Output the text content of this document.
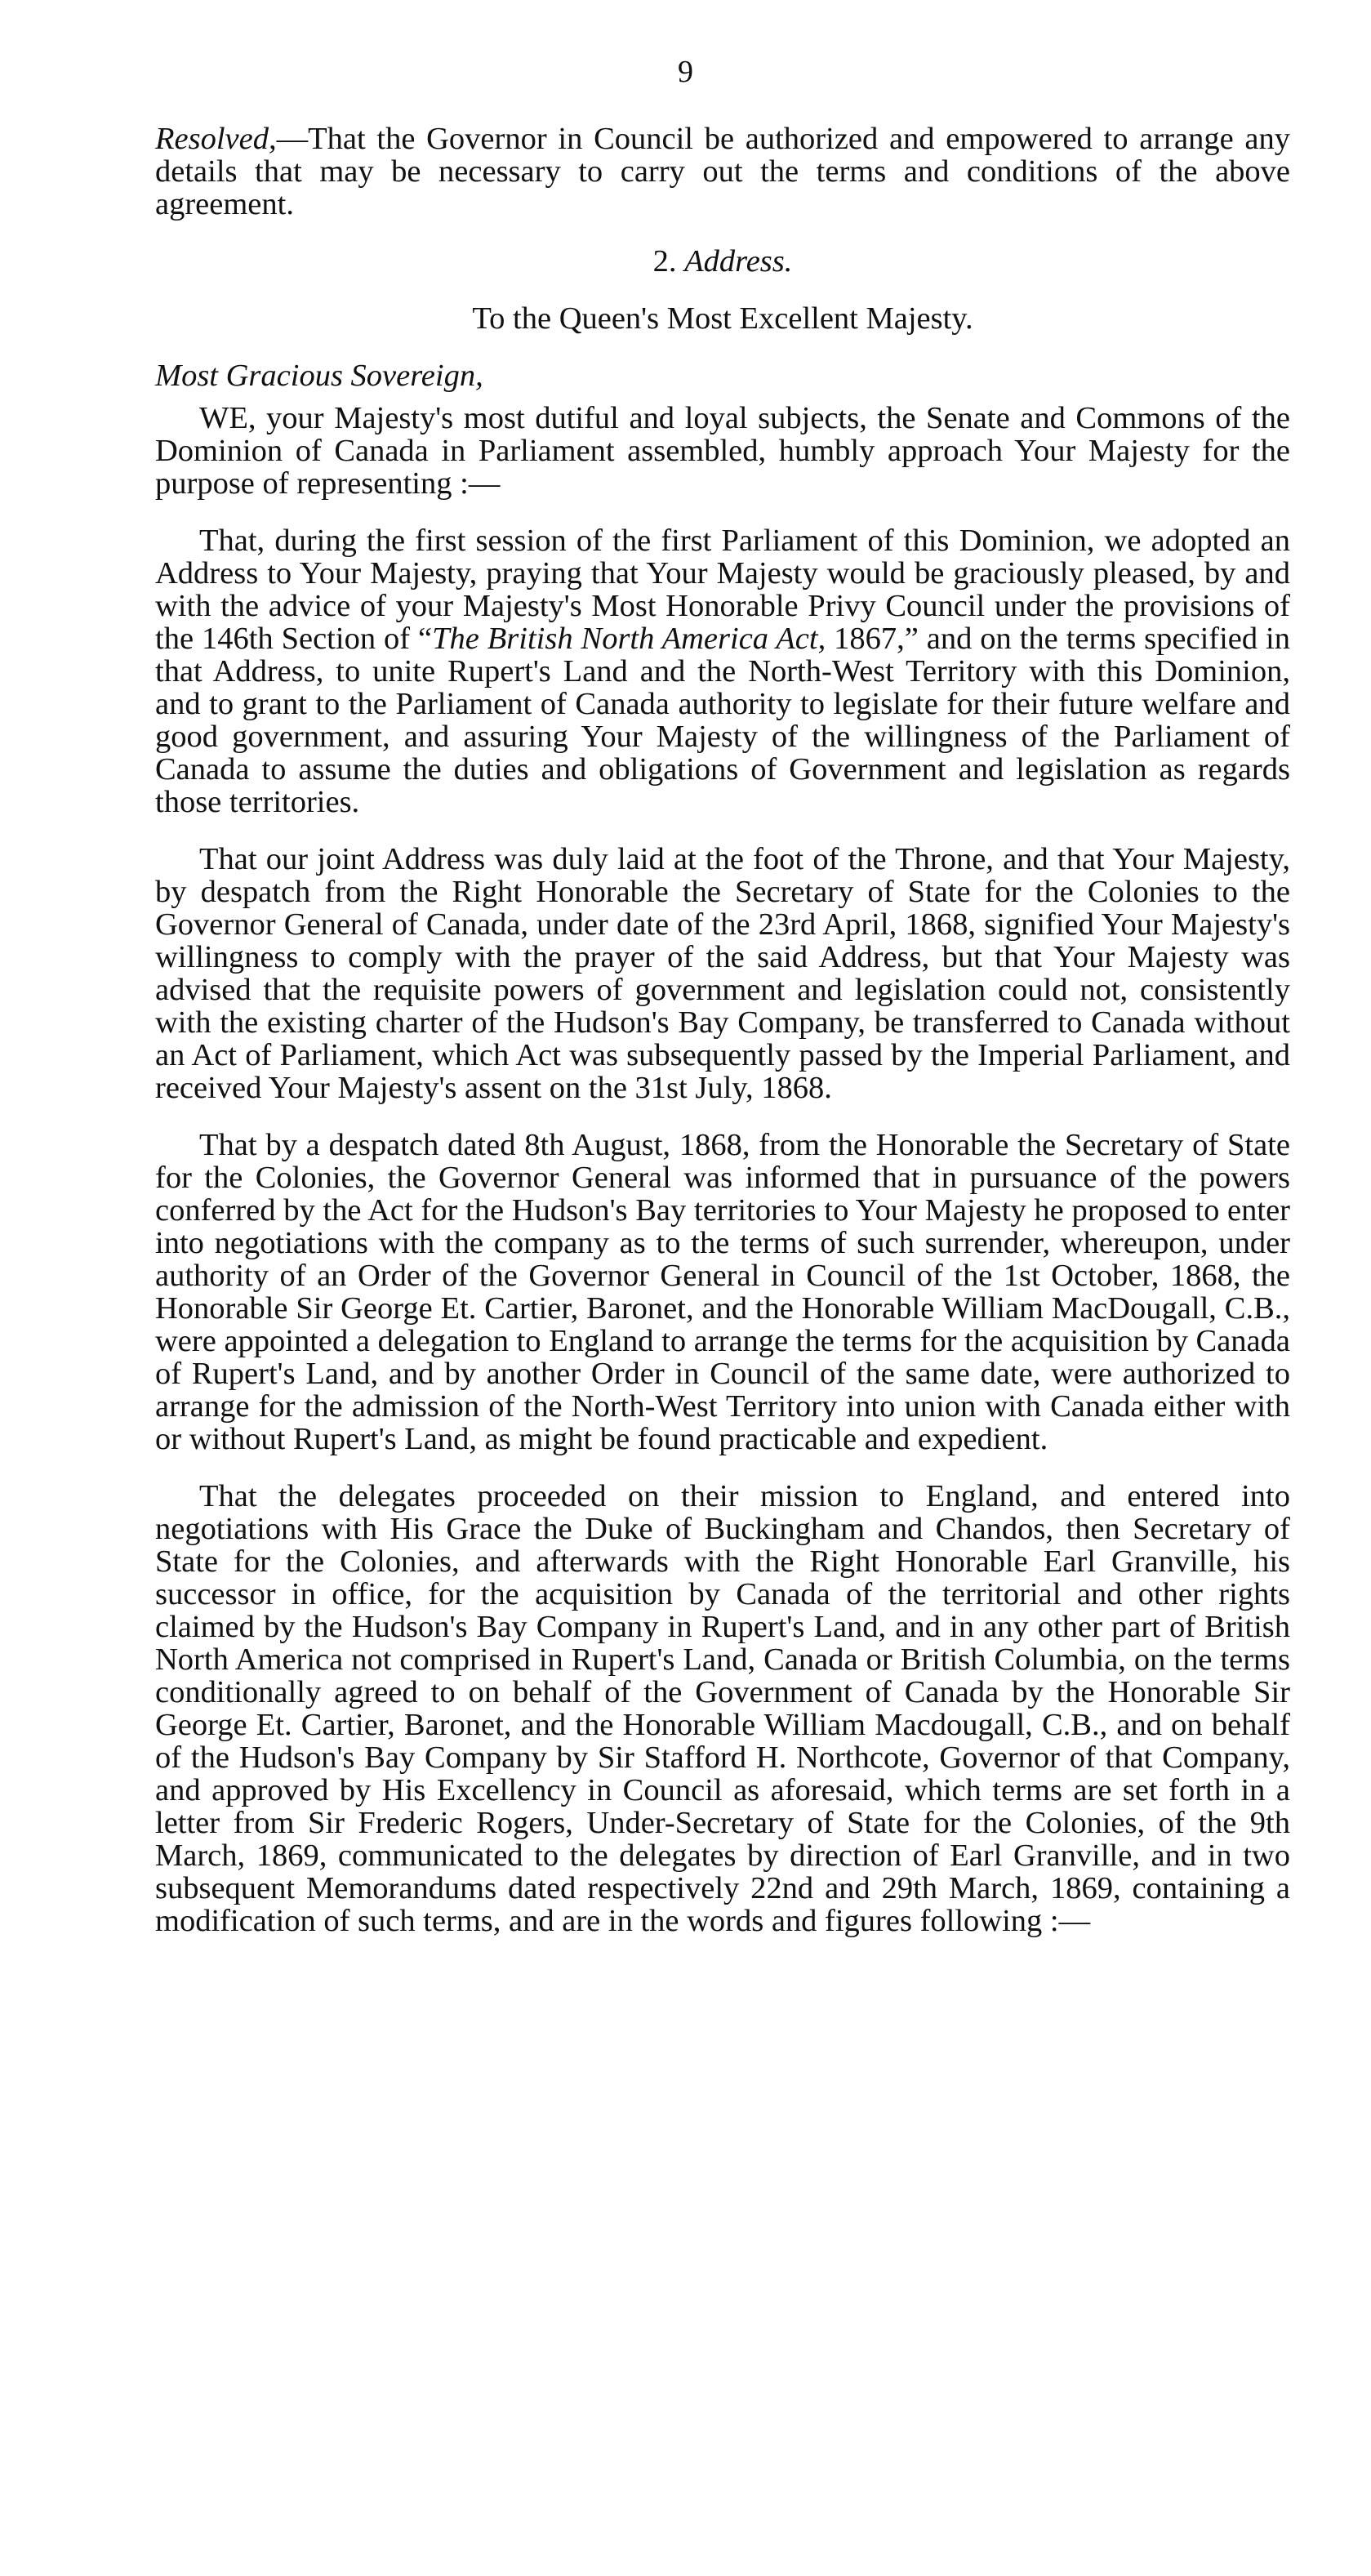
9

Resolved,—That the Governor in Council be authorized and empowered to arrange any details that may be necessary to carry out the terms and conditions of the above agreement.

2. Address.
To the Queen's Most Excellent Majesty.
Most Gracious Sovereign,

WE, your Majesty's most dutiful and loyal subjects, the Senate and Commons of the Dominion of Canada in Parliament assembled, humbly approach Your Majesty for the purpose of representing :—

That, during the first session of the first Parliament of this Dominion, we adopted an Address to Your Majesty, praying that Your Majesty would be graciously pleased, by and with the advice of your Majesty's Most Honorable Privy Council under the provisions of the 146th Section of “The British North America Act, 1867,” and on the terms specified in that Address, to unite Rupert's Land and the North-West Territory with this Dominion, and to grant to the Parliament of Canada authority to legislate for their future welfare and good government, and assuring Your Majesty of the willingness of the Parliament of Canada to assume the duties and obligations of Government and legislation as regards those territories.

That our joint Address was duly laid at the foot of the Throne, and that Your Majesty, by despatch from the Right Honorable the Secretary of State for the Colonies to the Governor General of Canada, under date of the 23rd April, 1868, signified Your Majesty's willingness to comply with the prayer of the said Address, but that Your Majesty was advised that the requisite powers of government and legislation could not, consistently with the existing charter of the Hudson's Bay Company, be transferred to Canada without an Act of Parliament, which Act was subsequently passed by the Imperial Parliament, and received Your Majesty's assent on the 31st July, 1868.

That by a despatch dated 8th August, 1868, from the Honorable the Secretary of State for the Colonies, the Governor General was informed that in pursuance of the powers conferred by the Act for the Hudson's Bay territories to Your Majesty he proposed to enter into negotiations with the company as to the terms of such surrender, whereupon, under authority of an Order of the Governor General in Council of the 1st October, 1868, the Honorable Sir George Et. Cartier, Baronet, and the Honorable William MacDougall, C.B., were appointed a delegation to England to arrange the terms for the acquisition by Canada of Rupert's Land, and by another Order in Council of the same date, were authorized to arrange for the admission of the North-West Territory into union with Canada either with or without Rupert's Land, as might be found practicable and expedient.

That the delegates proceeded on their mission to England, and entered into negotiations with His Grace the Duke of Buckingham and Chandos, then Secretary of State for the Colonies, and afterwards with the Right Honorable Earl Granville, his successor in office, for the acquisition by Canada of the territorial and other rights claimed by the Hudson's Bay Company in Rupert's Land, and in any other part of British North America not comprised in Rupert's Land, Canada or British Columbia, on the terms conditionally agreed to on behalf of the Government of Canada by the Honorable Sir George Et. Cartier, Baronet, and the Honorable William Macdougall, C.B., and on behalf of the Hudson's Bay Company by Sir Stafford H. Northcote, Governor of that Company, and approved by His Excellency in Council as aforesaid, which terms are set forth in a letter from Sir Frederic Rogers, Under-Secretary of State for the Colonies, of the 9th March, 1869, communicated to the delegates by direction of Earl Granville, and in two subsequent Memorandums dated respectively 22nd and 29th March, 1869, containing a modification of such terms, and are in the words and figures following :—
